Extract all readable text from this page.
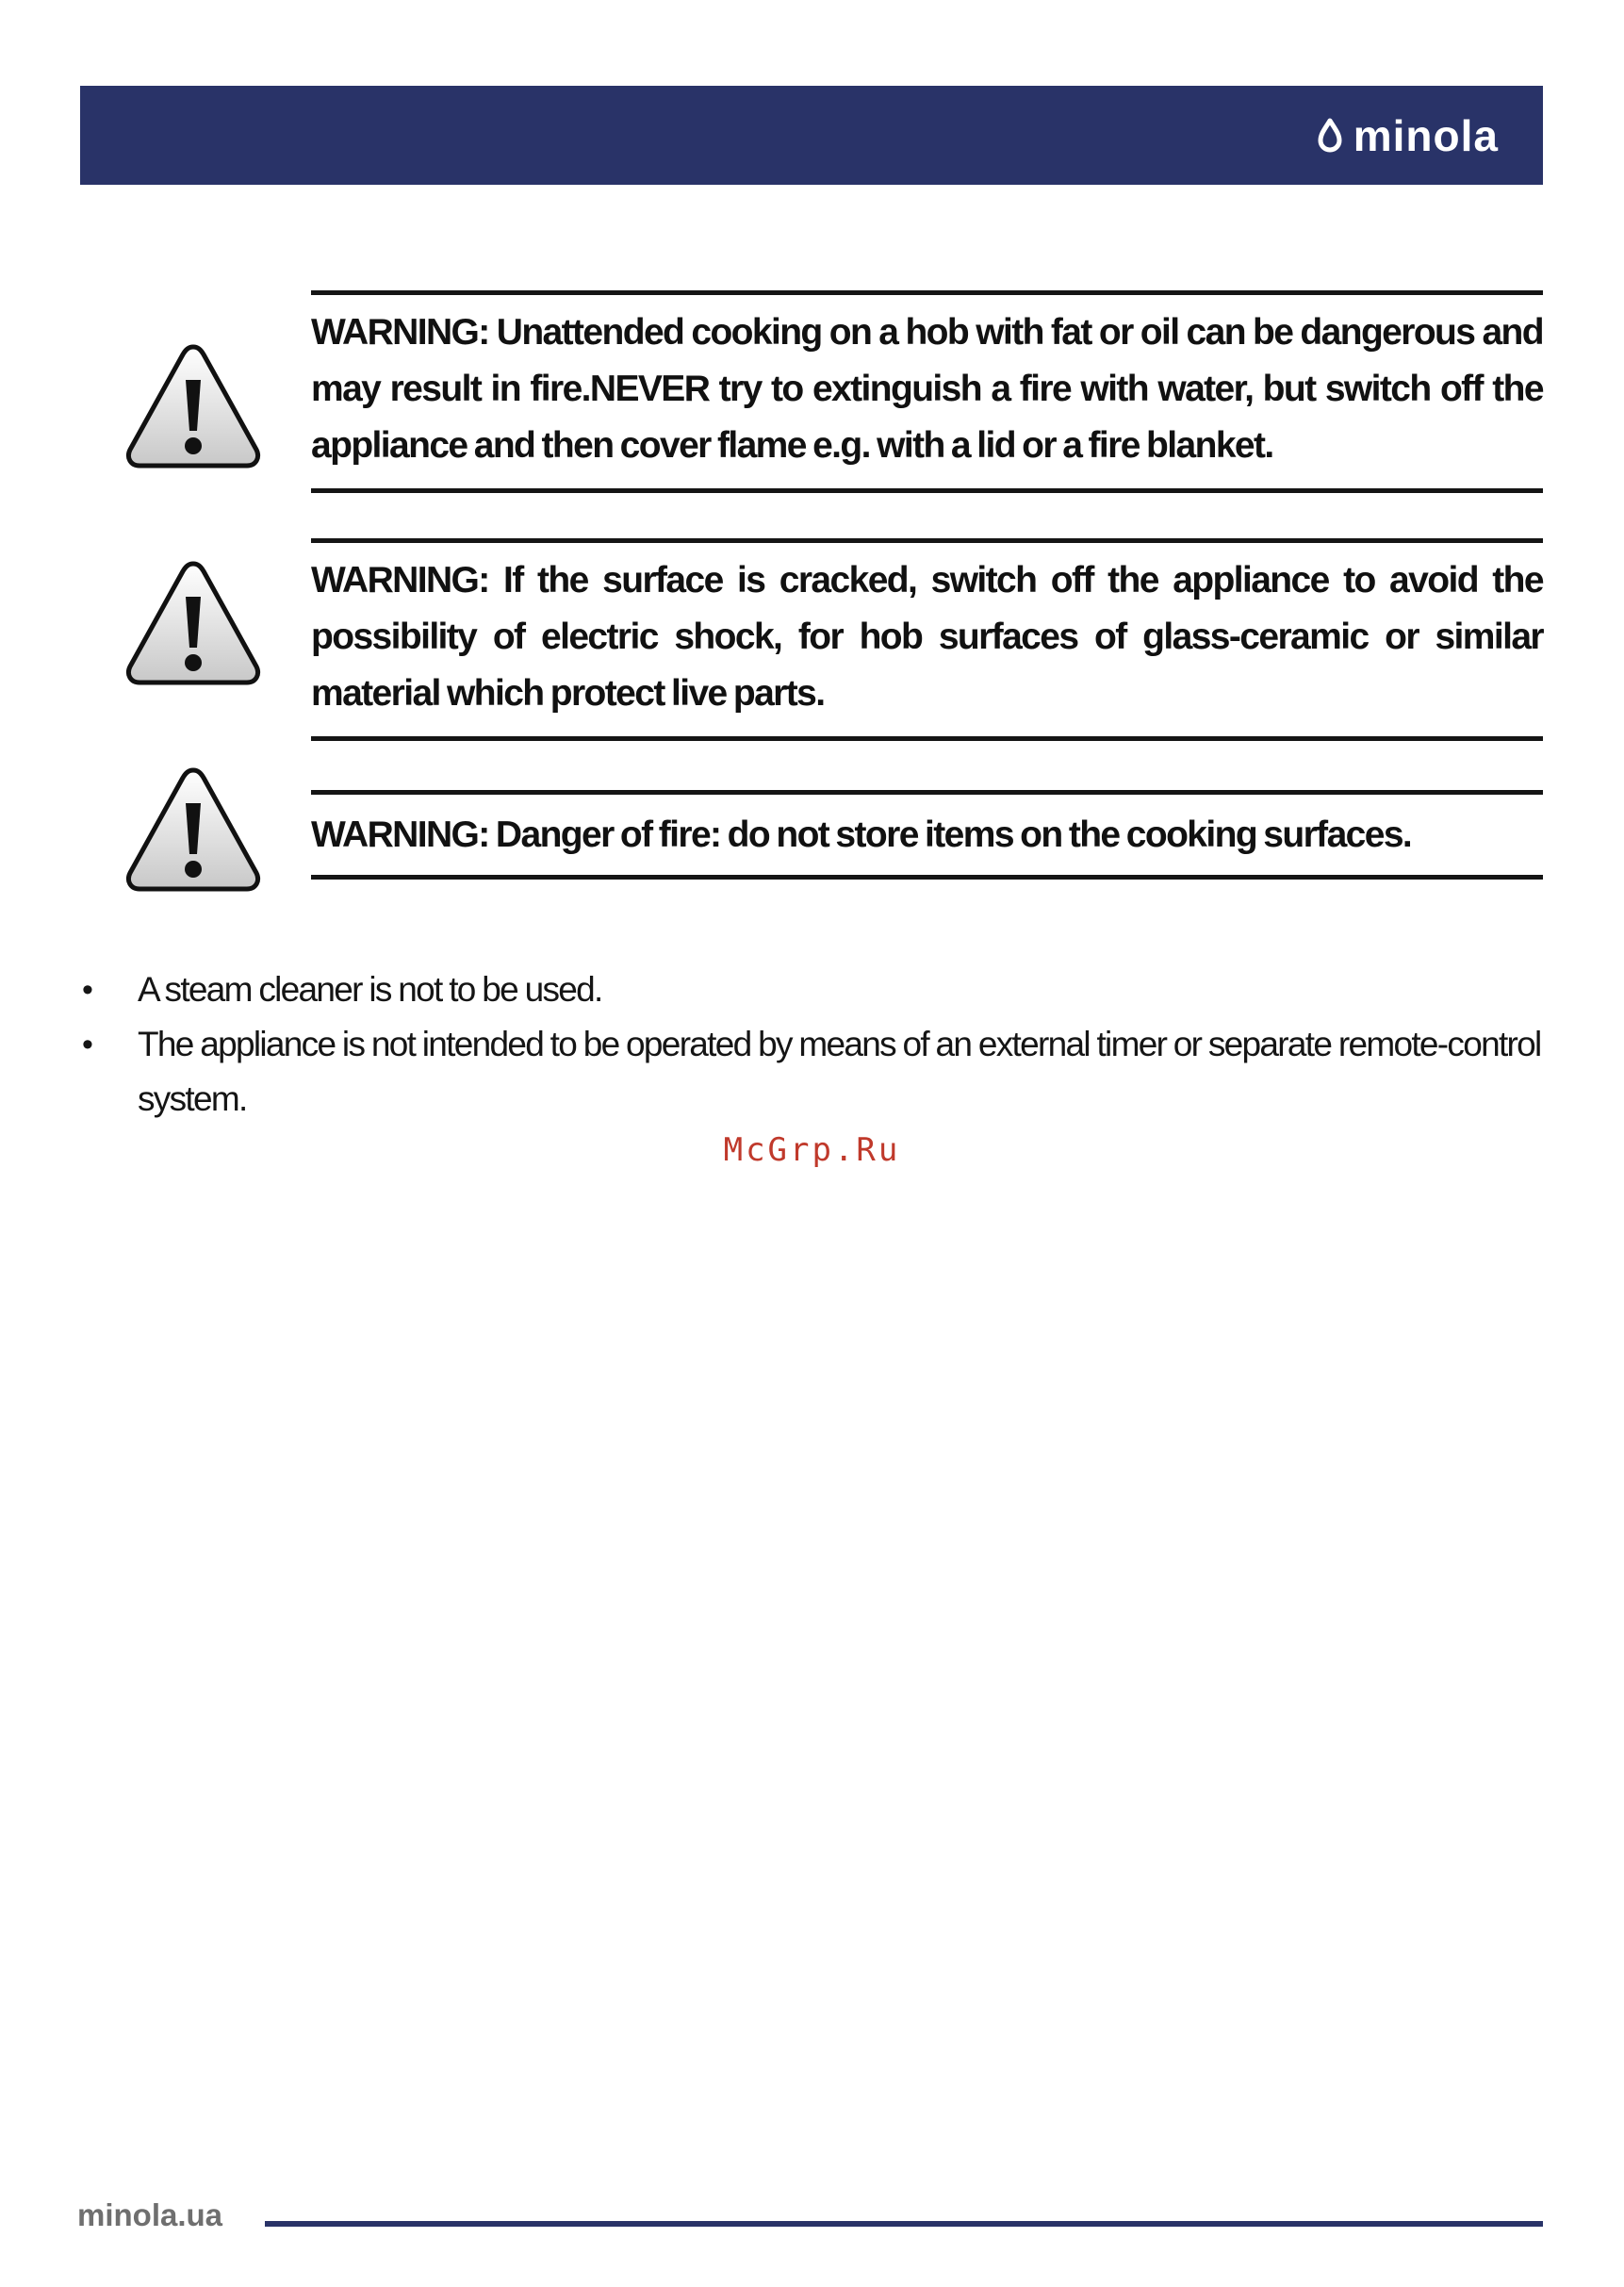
minola
WARNING: Unattended cooking on a hob with fat or oil can be dangerous and may result in fire.NEVER try to extinguish a fire with water, but switch off the appliance and then cover flame e.g. with a lid or a fire blanket.
WARNING: If the surface is cracked, switch off the appliance to avoid the possibility of electric shock, for hob surfaces of glass-ceramic or similar material which protect live parts.
WARNING: Danger of fire: do not store items on the cooking surfaces.
• A steam cleaner is not to be used.
• The appliance is not intended to be operated by means of an external timer or separate remote-control system.
McGrp.Ru
minola.ua
